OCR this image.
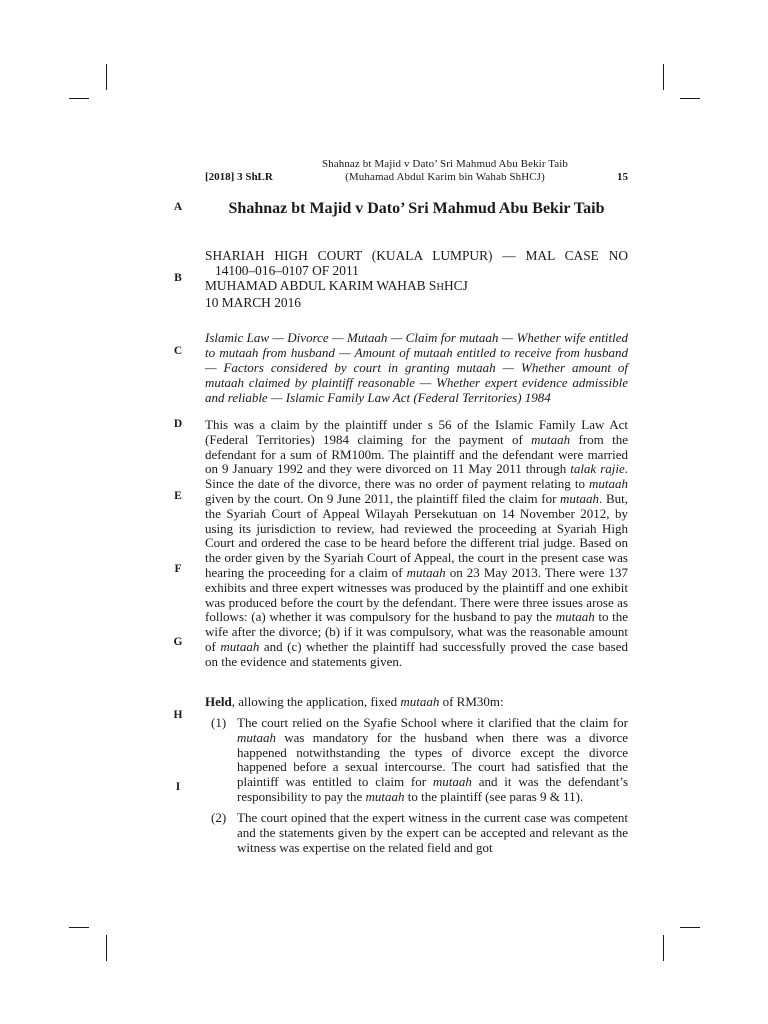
Shahnaz bt Majid v Dato’ Sri Mahmud Abu Bekir Taib
(Muhamad Abdul Karim bin Wahab ShHCJ)
[2018] 3 ShLR	15
A
B
C
D
E
F
G
H
I
Shahnaz bt Majid v Dato’ Sri Mahmud Abu Bekir Taib
SHARIAH HIGH COURT (KUALA LUMPUR) — MAL CASE NO
14100–016–0107 OF 2011
MUHAMAD ABDUL KARIM WAHAB SHHCJ
10 MARCH 2016
Islamic Law — Divorce — Mutaah — Claim for mutaah — Whether wife entitled to mutaah from husband — Amount of mutaah entitled to receive from husband — Factors considered by court in granting mutaah — Whether amount of mutaah claimed by plaintiff reasonable — Whether expert evidence admissible and reliable — Islamic Family Law Act (Federal Territories) 1984
This was a claim by the plaintiff under s 56 of the Islamic Family Law Act (Federal Territories) 1984 claiming for the payment of mutaah from the defendant for a sum of RM100m. The plaintiff and the defendant were married on 9 January 1992 and they were divorced on 11 May 2011 through talak rajie. Since the date of the divorce, there was no order of payment relating to mutaah given by the court. On 9 June 2011, the plaintiff filed the claim for mutaah. But, the Syariah Court of Appeal Wilayah Persekutuan on 14 November 2012, by using its jurisdiction to review, had reviewed the proceeding at Syariah High Court and ordered the case to be heard before the different trial judge. Based on the order given by the Syariah Court of Appeal, the court in the present case was hearing the proceeding for a claim of mutaah on 23 May 2013. There were 137 exhibits and three expert witnesses was produced by the plaintiff and one exhibit was produced before the court by the defendant. There were three issues arose as follows: (a) whether it was compulsory for the husband to pay the mutaah to the wife after the divorce; (b) if it was compulsory, what was the reasonable amount of mutaah and (c) whether the plaintiff had successfully proved the case based on the evidence and statements given.
Held, allowing the application, fixed mutaah of RM30m:
(1) The court relied on the Syafie School where it clarified that the claim for mutaah was mandatory for the husband when there was a divorce happened notwithstanding the types of divorce except the divorce happened before a sexual intercourse. The court had satisfied that the plaintiff was entitled to claim for mutaah and it was the defendant’s responsibility to pay the mutaah to the plaintiff (see paras 9 & 11).
(2) The court opined that the expert witness in the current case was competent and the statements given by the expert can be accepted and relevant as the witness was expertise on the related field and got
